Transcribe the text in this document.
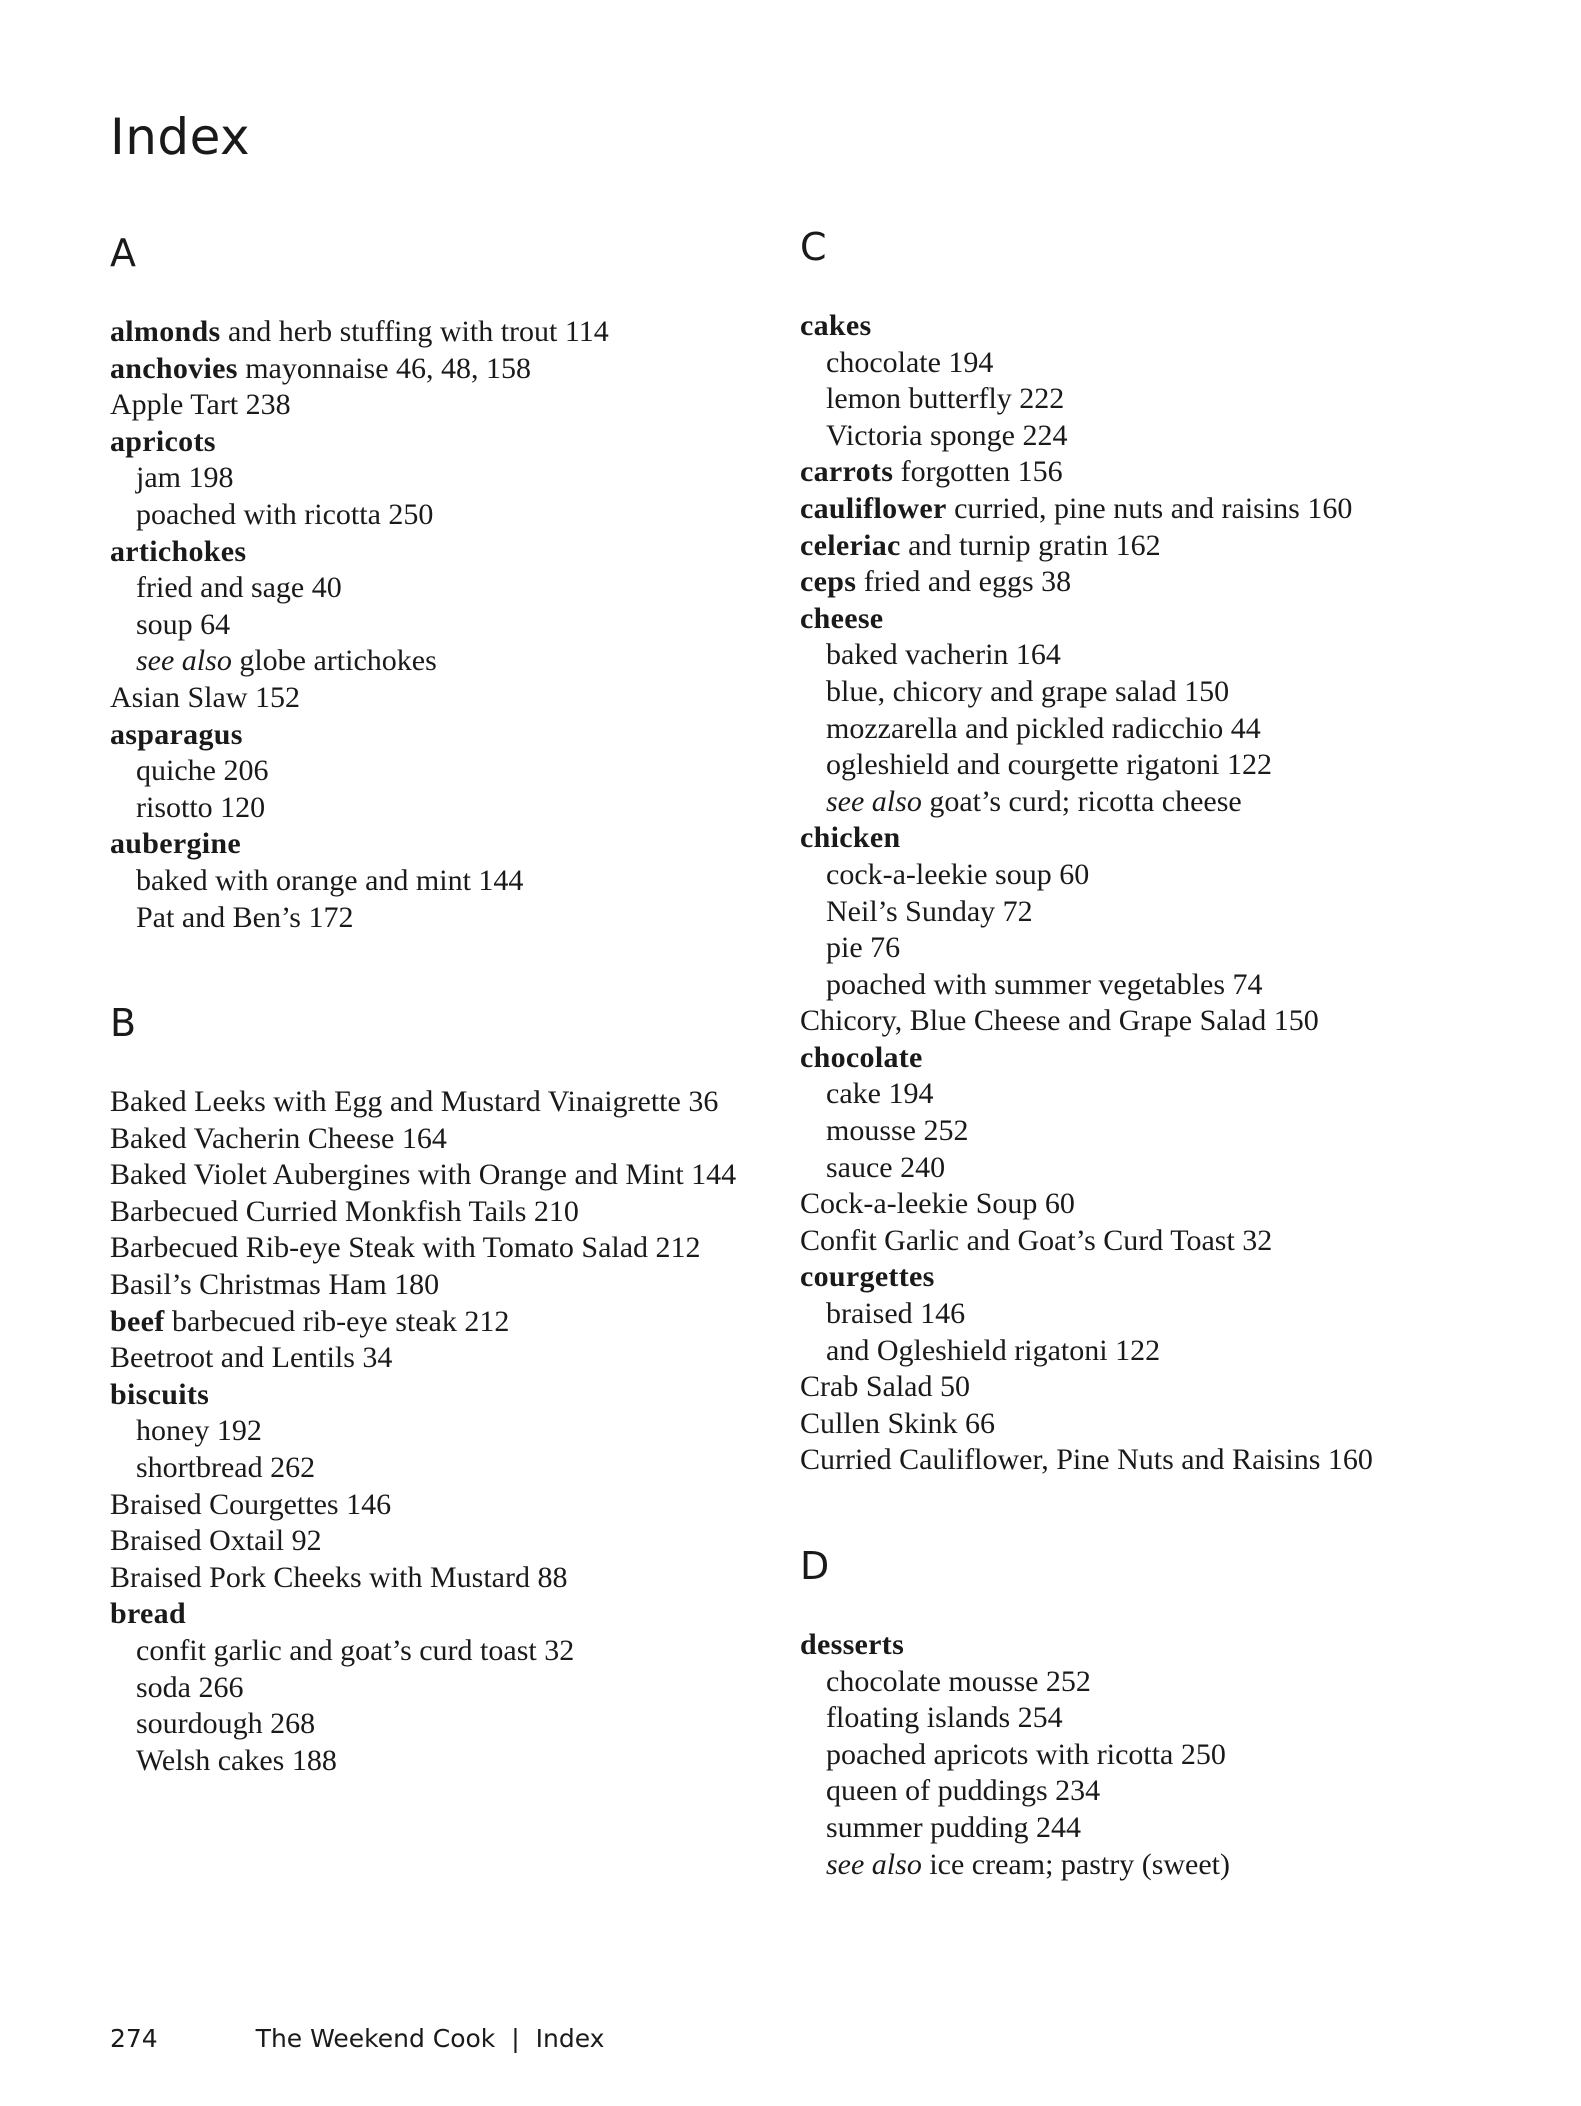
Index
A

almonds and herb stuffing with trout 114

anchovies mayonnaise 46, 48, 158

Apple Tart 238

apricots

jam 198

poached with ricotta 250

artichokes

fried and sage 40

soup 64

see also globe artichokes

Asian Slaw 152

asparagus

quiche 206

risotto 120

aubergine

baked with orange and mint 144

Pat and Ben’s 172

B

Baked Leeks with Egg and Mustard Vinaigrette 36

Baked Vacherin Cheese 164

Baked Violet Aubergines with Orange and Mint 144

Barbecued Curried Monkfish Tails 210

Barbecued Rib-eye Steak with Tomato Salad 212

Basil’s Christmas Ham 180

beef barbecued rib-eye steak 212

Beetroot and Lentils 34

biscuits

honey 192

shortbread 262

Braised Courgettes 146

Braised Oxtail 92

Braised Pork Cheeks with Mustard 88

bread

confit garlic and goat’s curd toast 32

soda 266

sourdough 268

Welsh cakes 188

C

cakes

chocolate 194

lemon butterfly 222

Victoria sponge 224

carrots forgotten 156

cauliflower curried, pine nuts and raisins 160

celeriac and turnip gratin 162

ceps fried and eggs 38

cheese

baked vacherin 164

blue, chicory and grape salad 150

mozzarella and pickled radicchio 44

ogleshield and courgette rigatoni 122

see also goat’s curd; ricotta cheese

chicken

cock-a-leekie soup 60

Neil’s Sunday 72

pie 76

poached with summer vegetables 74

Chicory, Blue Cheese and Grape Salad 150

chocolate

cake 194

mousse 252

sauce 240

Cock-a-leekie Soup 60

Confit Garlic and Goat’s Curd Toast 32

courgettes

braised 146

and Ogleshield rigatoni 122

Crab Salad 50

Cullen Skink 66

Curried Cauliflower, Pine Nuts and Raisins 160

D

desserts

chocolate mousse 252

floating islands 254

poached apricots with ricotta 250

queen of puddings 234

summer pudding 244

see also ice cream; pastry (sweet)

274	The Weekend Cook | Index
